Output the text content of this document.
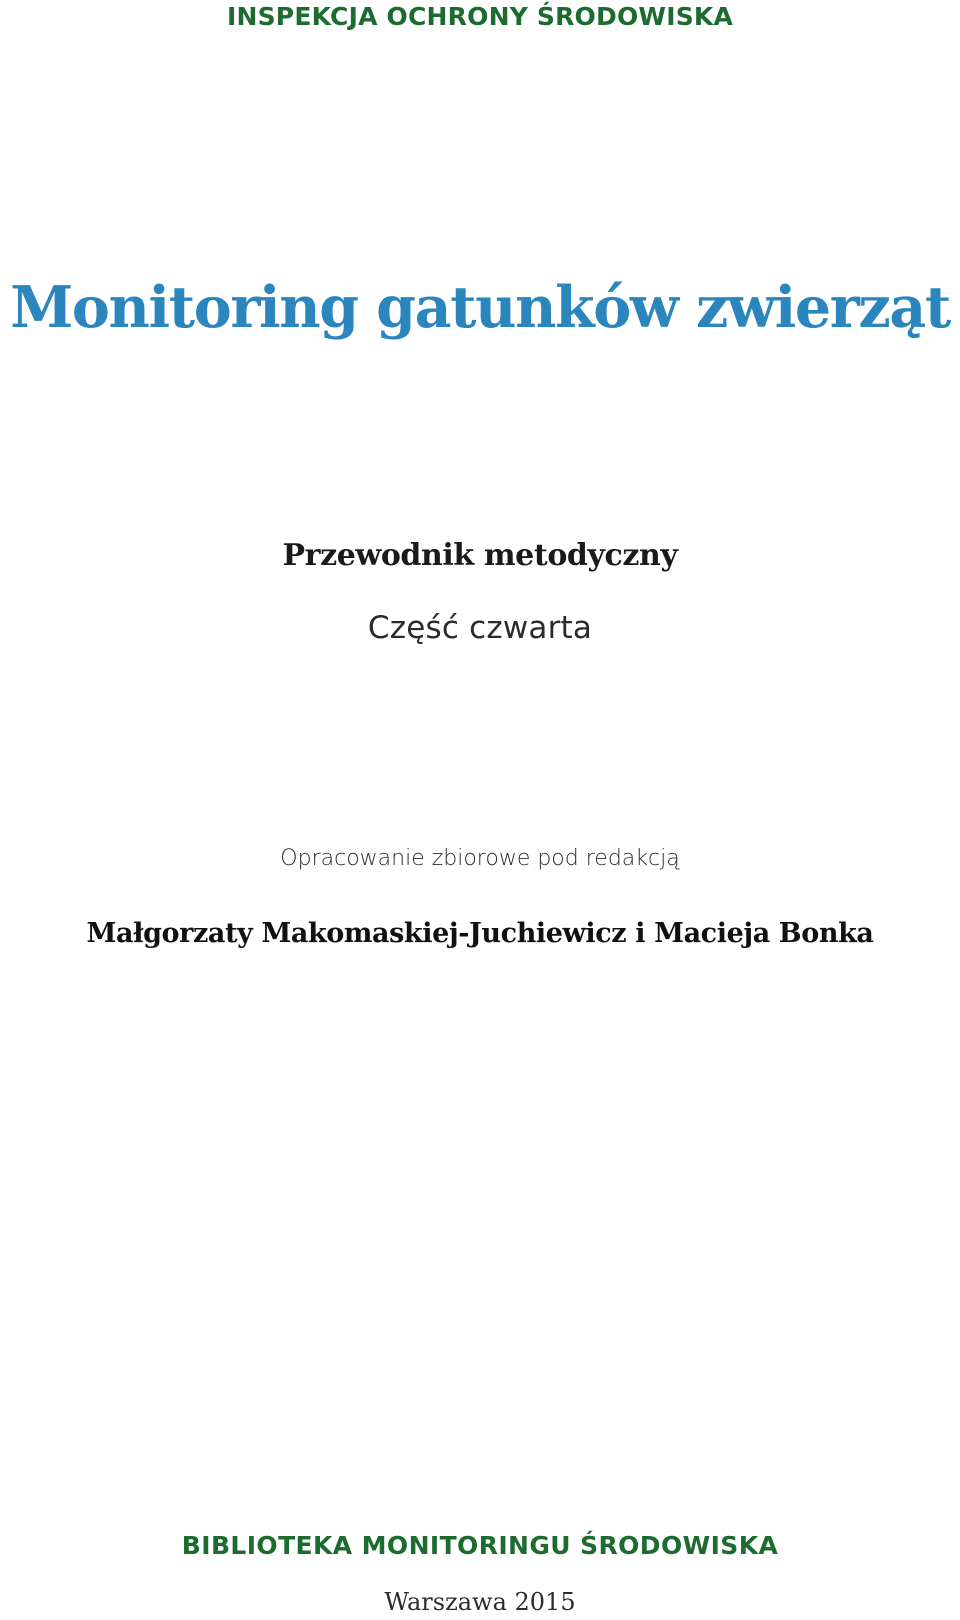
INSPEKCJA OCHRONY ŚRODOWISKA
Monitoring gatunków zwierząt
Przewodnik metodyczny
Część czwarta
Opracowanie zbiorowe pod redakcją
Małgorzaty Makomaskiej-Juchiewicz i Macieja Bonka
BIBLIOTEKA MONITORINGU ŚRODOWISKA
Warszawa 2015
